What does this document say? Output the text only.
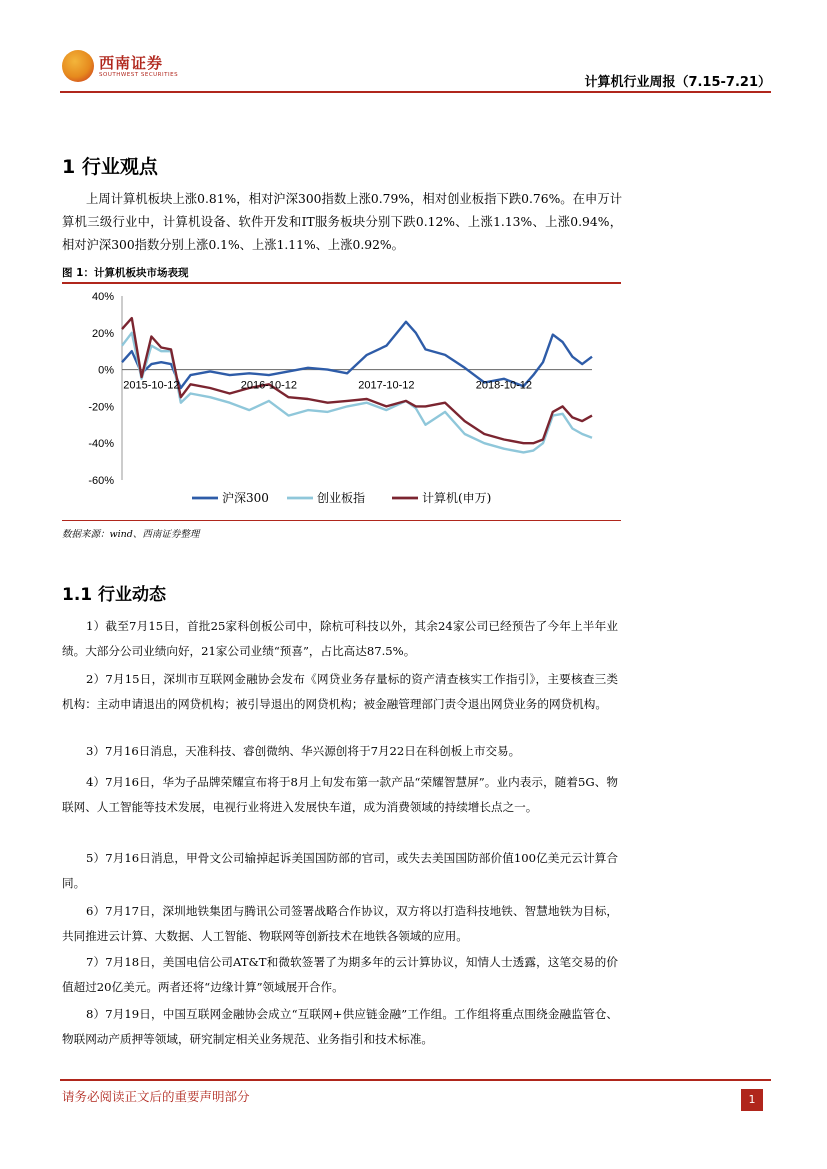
西南证券
SOUTHWEST SECURITIES	计算机行业周报（7.15-7.21）
1 行业观点
上周计算机板块上涨0.81%，相对沪深300指数上涨0.79%，相对创业板指下跌0.76%。在申万计算机三级行业中，计算机设备、软件开发和IT服务板块分别下跌0.12%、上涨1.13%、上涨0.94%，相对沪深300指数分别上涨0.1%、上涨1.11%、上涨0.92%。
图 1：计算机板块市场表现
40%
20%
0%
-20%
-40%
-60%
2015-10-12	2016-10-12	2017-10-12	2018-10-12
沪深300	创业板指	计算机(申万)
数据来源：wind、西南证券整理
1.1 行业动态
1）截至7月15日，首批25家科创板公司中，除杭可科技以外，其余24家公司已经预告了今年上半年业绩。大部分公司业绩向好，21家公司业绩“预喜”，占比高达87.5%。
2）7月15日，深圳市互联网金融协会发布《网贷业务存量标的资产清查核实工作指引》，主要核查三类机构：主动申请退出的网贷机构；被引导退出的网贷机构；被金融管理部门责令退出网贷业务的网贷机构。
3）7月16日消息，天准科技、睿创微纳、华兴源创将于7月22日在科创板上市交易。
4）7月16日，华为子品牌荣耀宣布将于8月上旬发布第一款产品“荣耀智慧屏”。业内表示，随着5G、物联网、人工智能等技术发展，电视行业将进入发展快车道，成为消费领域的持续增长点之一。
5）7月16日消息，甲骨文公司输掉起诉美国国防部的官司，或失去美国国防部价值100亿美元云计算合同。
6）7月17日，深圳地铁集团与腾讯公司签署战略合作协议，双方将以打造科技地铁、智慧地铁为目标，共同推进云计算、大数据、人工智能、物联网等创新技术在地铁各领域的应用。
7）7月18日，美国电信公司AT&T和微软签署了为期多年的云计算协议，知情人士透露，这笔交易的价值超过20亿美元。两者还将“边缘计算”领域展开合作。
8）7月19日，中国互联网金融协会成立“互联网+供应链金融”工作组。工作组将重点围绕金融监管仓、物联网动产质押等领域，研究制定相关业务规范、业务指引和技术标准。
请务必阅读正文后的重要声明部分	1
